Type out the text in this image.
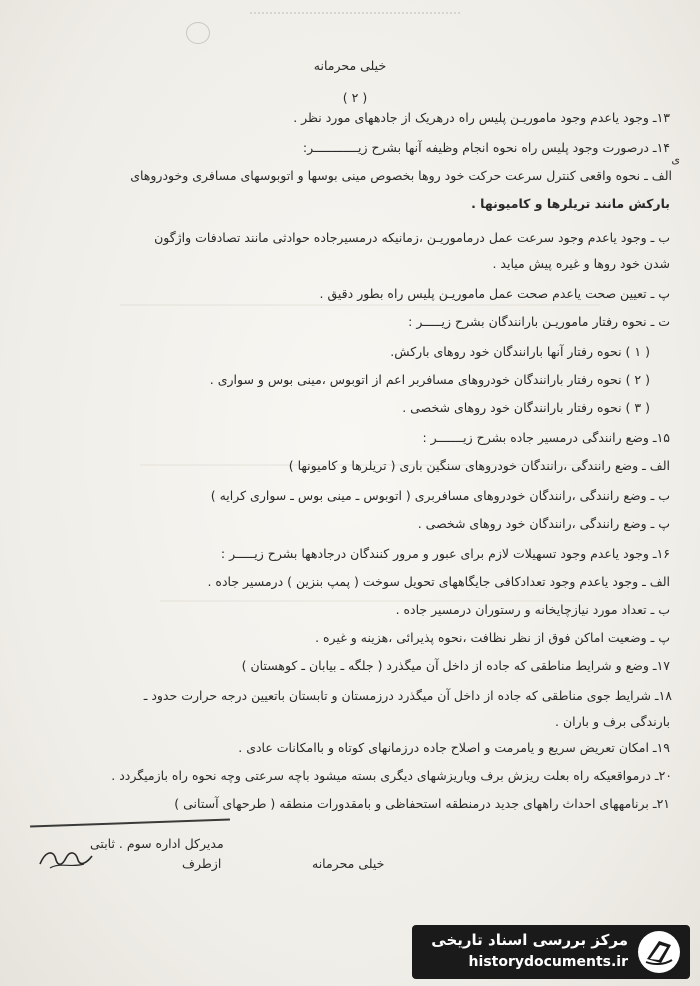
خیلی محرمانه
( ۲ )
۱۳ـ وجود یاعدم وجود ماموریـن پلیس راه درهریک از جادههای مورد نظر .
۱۴ـ درصورت وجود پلیس راه نحوه انجام وظیفه آنها بشرح زیــــــــــــر:
ی
الف ـ نحوه واقعی کنترل سرعت حرکت خود روها بخصوص مینی بوسها و اتوبوسهای مسافری وخودروهای
بارکش مانند تریلرها و کامیونها .
ب ـ وجود یاعدم وجود سرعت عمل درماموریـن ،زمانیکه درمسیرجاده حوادثی مانند تصادفات واژگون
شدن خود روها و غیره پیش میاید .
پ ـ تعیین صحت یاعدم صحت عمل ماموریـن پلیس راه بطور دقیق .
ت ـ نحوه رفتار ماموریـن بارانندگان بشرح زیـــــر :
( ۱ ) نحوه رفتار آنها بارانندگان خود روهای بارکش.
( ۲ ) نحوه رفتار بارانندگان خودروهای مسافربر اعم از اتوبوس ،مینی بوس و سواری .
( ۳ ) نحوه رفتار بارانندگان خود روهای شخصی .
۱۵ـ وضع رانندگی درمسیر جاده بشرح زیـــــــر :
الف ـ وضع رانندگی ،رانندگان خودروهای سنگین باری ( تریلرها و کامیونها )
ب ـ وضع رانندگی ،رانندگان خودروهای مسافربری ( اتوبوس ـ مینی بوس ـ سواری کرایه )
پ ـ وضع رانندگی ،رانندگان خود روهای شخصی .
۱۶ـ وجود یاعدم وجود تسهیلات لازم برای عبور و مرور کنندگان درجادهها بشرح زیـــــر :
الف ـ وجود یاعدم وجود تعدادکافی جایگاههای تحویل سوخت ( پمپ بنزین ) درمسیر جاده .
ب ـ تعداد مورد نیازچایخانه و رستوران درمسیر جاده .
پ ـ وضعیت اماکن فوق از نظر نظافت ،نحوه پذیرائی ،هزینه و غیره .
۱۷ـ وضع و شرایط مناطقی که جاده از داخل آن میگذرد ( جلگه ـ بیابان ـ کوهستان )
۱۸ـ شرایط جوی مناطقی که جاده از داخل آن میگذرد درزمستان و تابستان باتعیین درجه حرارت حدود ـ
بارندگی برف و باران .
۱۹ـ امکان تعریض سریع و یامرمت و اصلاح جاده درزمانهای کوتاه و باامکانات عادی .
۲۰ـ درمواقعیکه راه بعلت ریزش برف ویاریزشهای دیگری بسته میشود باچه سرعتی وچه نحوه راه بازمیگردد .
۲۱ـ برنامههای احداث راههای جدید درمنطقه استحفاظی و بامقدورات منطقه ( طرحهای آستانی )
مدیرکل اداره سوم . ثابتی
ازطرف	خیلی محرمانه
مرکز بررسی اسناد تاریخی
historydocuments.ir
